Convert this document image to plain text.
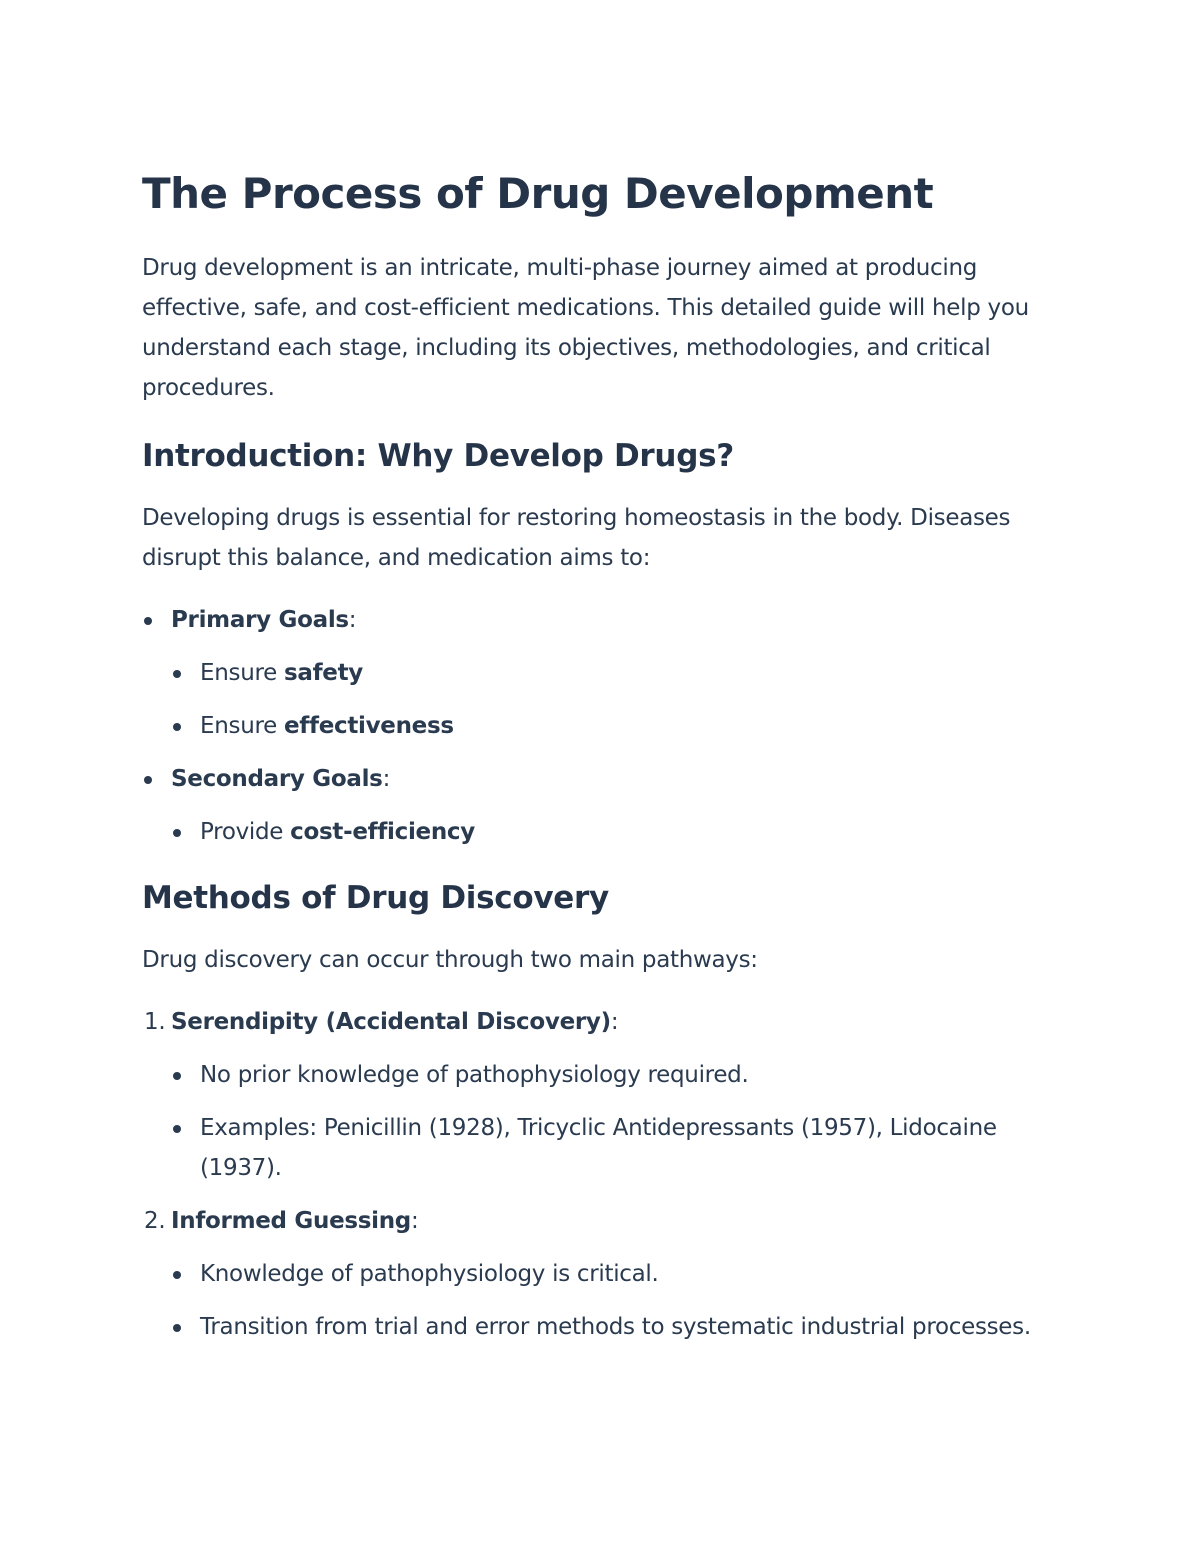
The Process of Drug Development

Drug development is an intricate, multi-phase journey aimed at producing effective, safe, and cost-efficient medications. This detailed guide will help you understand each stage, including its objectives, methodologies, and critical procedures.

Introduction: Why Develop Drugs?

Developing drugs is essential for restoring homeostasis in the body. Diseases disrupt this balance, and medication aims to:

Primary Goals:
Ensure safety
Ensure effectiveness
Secondary Goals:
Provide cost-efficiency
Methods of Drug Discovery

Drug discovery can occur through two main pathways:

1. Serendipity (Accidental Discovery):
No prior knowledge of pathophysiology required.
Examples: Penicillin (1928), Tricyclic Antidepressants (1957), Lidocaine (1937).
2. Informed Guessing:
Knowledge of pathophysiology is critical.
Transition from trial and error methods to systematic industrial processes.
